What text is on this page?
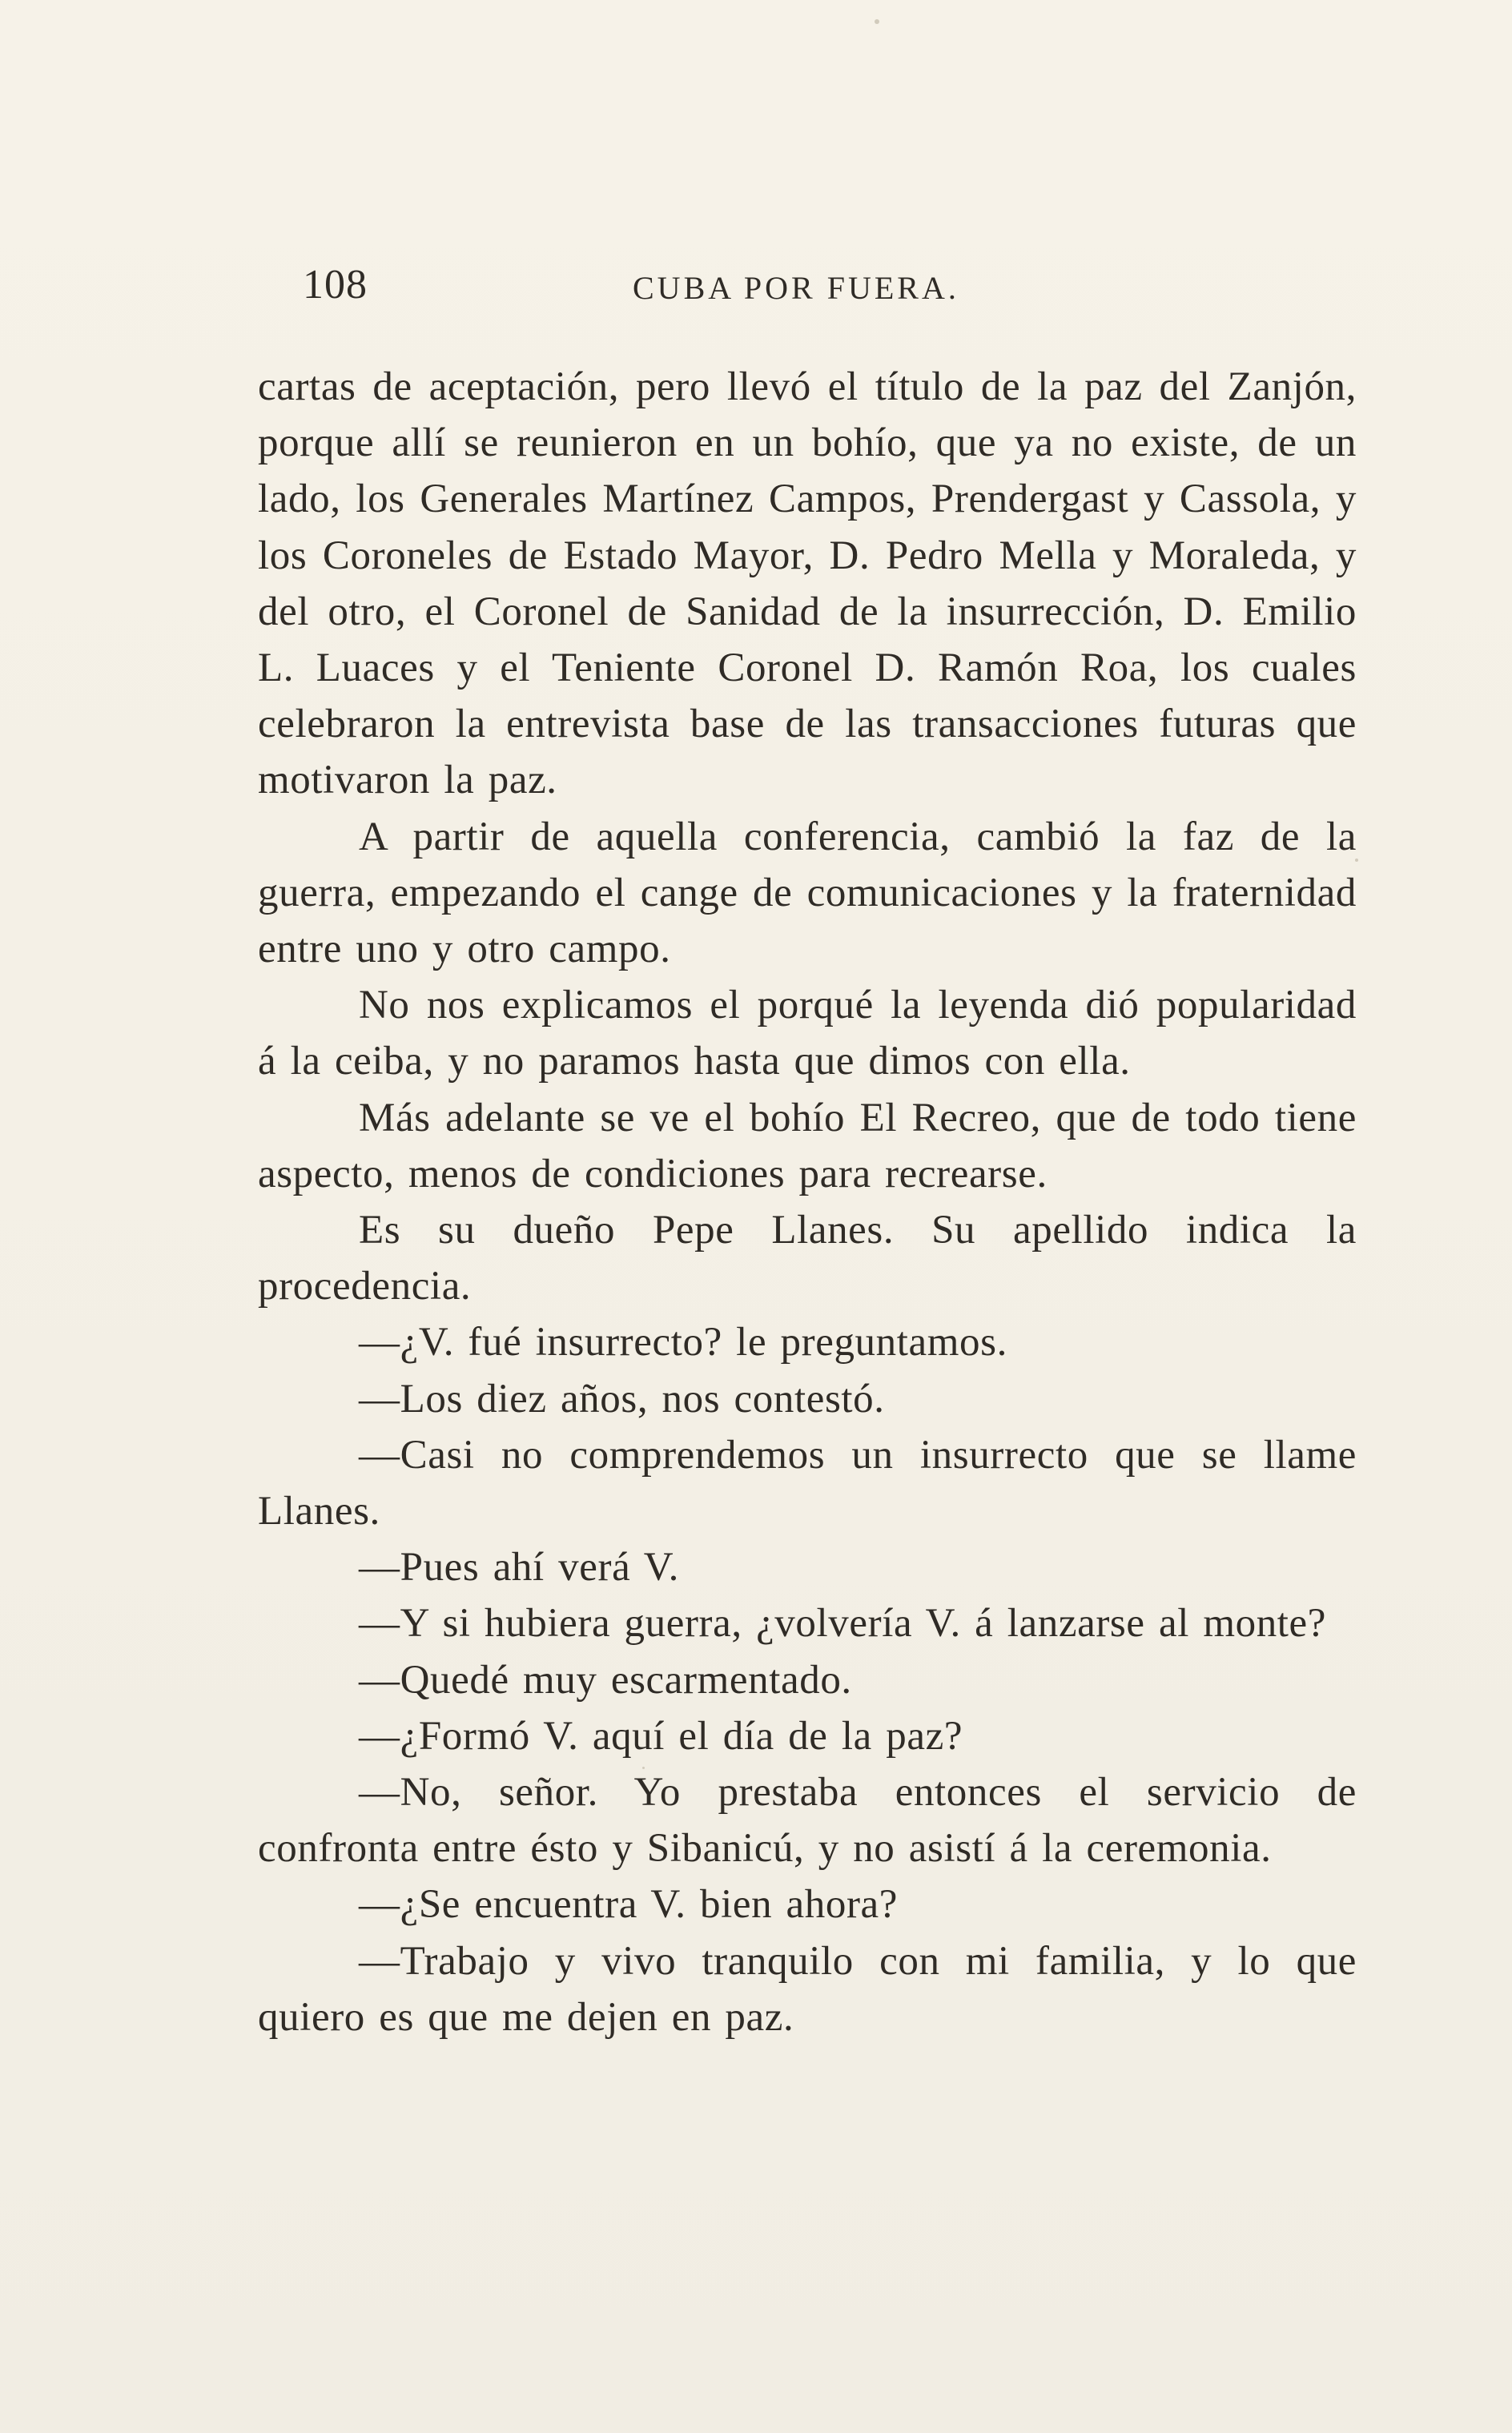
108	CUBA POR FUERA.

cartas de aceptación, pero llevó el título de la paz del Zanjón, porque allí se reunieron en un bohío, que ya no existe, de un lado, los Generales Martínez Campos, Prendergast y Cassola, y los Coroneles de Estado Mayor, D. Pedro Mella y Moraleda, y del otro, el Coronel de Sanidad de la insurrección, D. Emilio L. Luaces y el Teniente Coronel D. Ramón Roa, los cuales celebraron la entrevista base de las transacciones futuras que motivaron la paz.

A partir de aquella conferencia, cambió la faz de la guerra, empezando el cange de comunicaciones y la fraternidad entre uno y otro campo.

No nos explicamos el porqué la leyenda dió popularidad á la ceiba, y no paramos hasta que dimos con ella.

Más adelante se ve el bohío El Recreo, que de todo tiene aspecto, menos de condiciones para recrearse.

Es su dueño Pepe Llanes. Su apellido indica la procedencia.

—¿V. fué insurrecto? le preguntamos.

—Los diez años, nos contestó.

—Casi no comprendemos un insurrecto que se llame Llanes.

—Pues ahí verá V.

—Y si hubiera guerra, ¿volvería V. á lanzarse al monte?

—Quedé muy escarmentado.

—¿Formó V. aquí el día de la paz?

—No, señor. Yo prestaba entonces el servicio de confronta entre ésto y Sibanicú, y no asistí á la ceremonia.

—¿Se encuentra V. bien ahora?

—Trabajo y vivo tranquilo con mi familia, y lo que quiero es que me dejen en paz.
